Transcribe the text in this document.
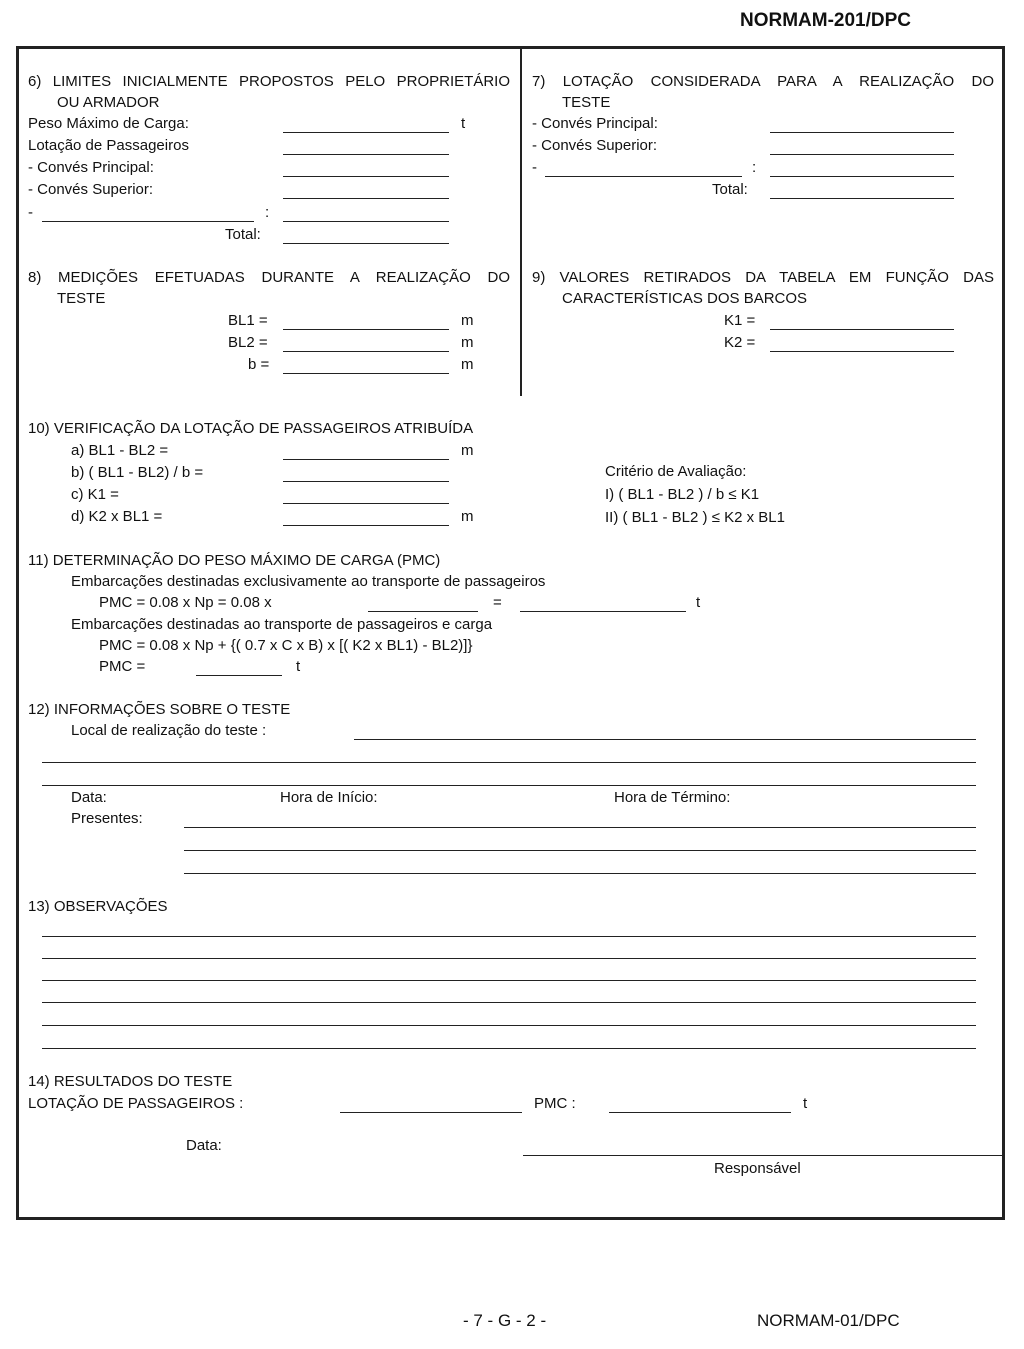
NORMAM-201/DPC
6) LIMITES INICIALMENTE PROPOSTOS PELO PROPRIETÁRIO
OU ARMADOR
Peso Máximo de Carga:	t
Lotação de Passageiros
- Convés Principal:
- Convés Superior:
-	:
Total:
7) LOTAÇÃO CONSIDERADA PARA A REALIZAÇÃO DO
TESTE
- Convés Principal:
- Convés Superior:
-	:
Total:
8) MEDIÇÕES EFETUADAS DURANTE A REALIZAÇÃO DO
TESTE
BL1 =	m
BL2 =	m
b =	m
9) VALORES RETIRADOS DA TABELA EM FUNÇÃO DAS
CARACTERÍSTICAS DOS BARCOS
K1 =
K2 =
10) VERIFICAÇÃO DA LOTAÇÃO DE PASSAGEIROS ATRIBUÍDA
a) BL1 - BL2 =	m
b) ( BL1 - BL2) / b =
c) K1 =
d) K2 x BL1 =	m
Critério de Avaliação:
I) ( BL1 - BL2 ) / b ≤ K1
II) ( BL1 - BL2 ) ≤ K2 x BL1
11) DETERMINAÇÃO DO PESO MÁXIMO DE CARGA (PMC)
Embarcações destinadas exclusivamente ao transporte de passageiros
PMC = 0.08 x Np = 0.08 x	=	t
Embarcações destinadas ao transporte de passageiros e carga
PMC = 0.08 x Np + {( 0.7 x C x B) x [( K2 x BL1) - BL2)]}
PMC =	t
12) INFORMAÇÕES SOBRE O TESTE
Local de realização do teste :
Data:	Hora de Início:	Hora de Término:
Presentes:
13) OBSERVAÇÕES
14) RESULTADOS DO TESTE
LOTAÇÃO DE PASSAGEIROS :	PMC :	t
Data:
Responsável
- 7 - G - 2 -	NORMAM-01/DPC
